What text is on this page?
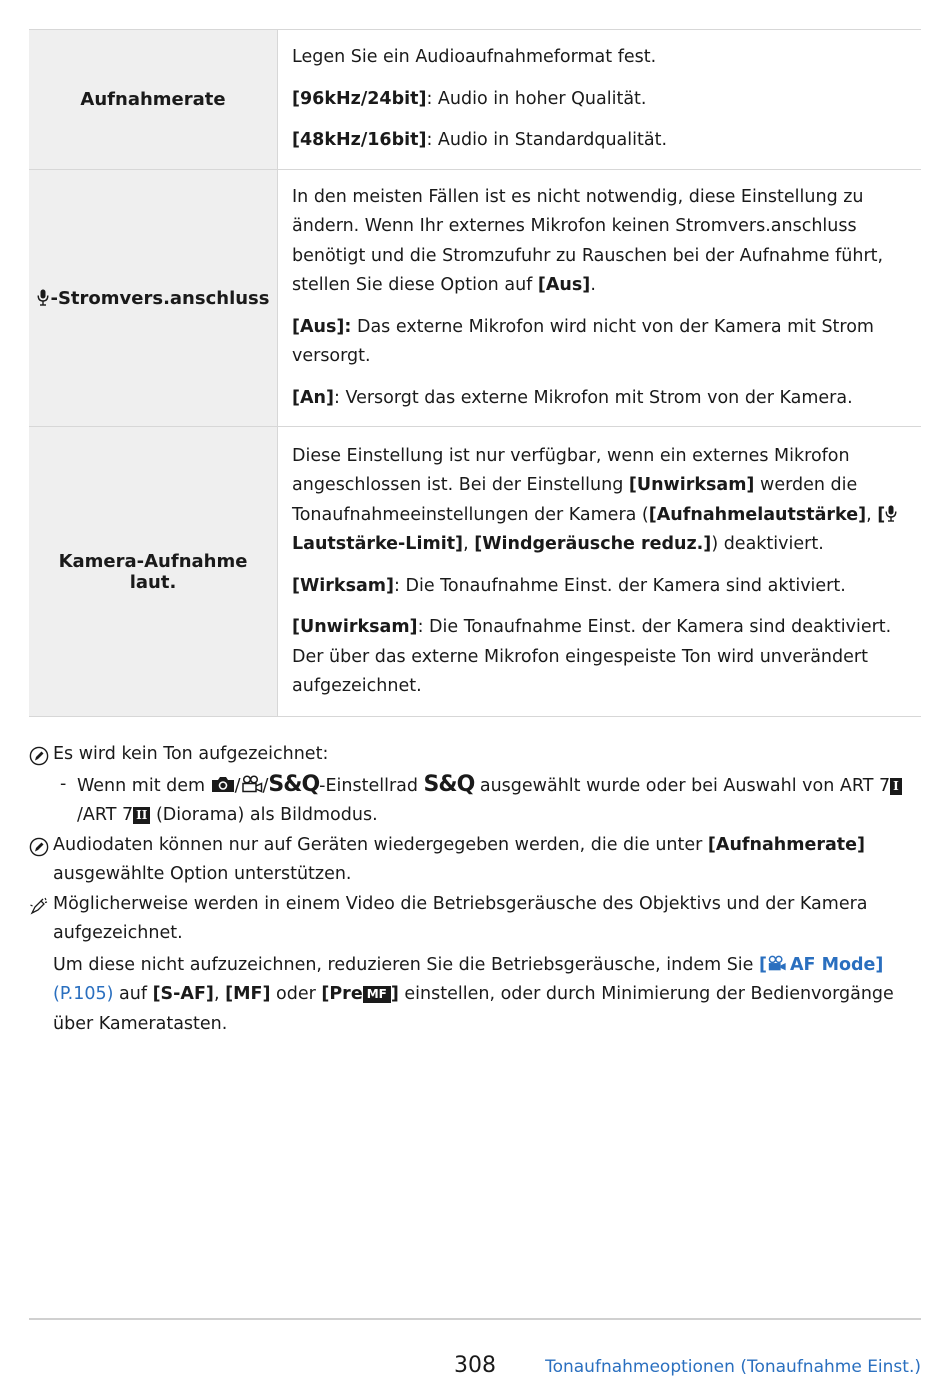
Aufnahmerate	Legen Sie ein Audioaufnahmeformat fest.

[96kHz/24bit]: Audio in hoher Qualität.

[48kHz/16bit]: Audio in Standardqualität.

-Stromvers.anschluss	In den meisten Fällen ist es nicht notwendig, diese Einstellung zu ändern. Wenn Ihr externes Mikrofon keinen Stromvers.anschluss benötigt und die Stromzufuhr zu Rauschen bei der Aufnahme führt, stellen Sie diese Option auf [Aus].

[Aus]: Das externe Mikrofon wird nicht von der Kamera mit Strom versorgt.

[An]: Versorgt das externe Mikrofon mit Strom von der Kamera.

Kamera-Aufnahme laut.	Diese Einstellung ist nur verfügbar, wenn ein externes Mikrofon angeschlossen ist. Bei der Einstellung [Unwirksam] werden die Tonaufnahmeeinstellungen der Kamera ([Aufnahmelautstärke], [Lautstärke-Limit], [Windgeräusche reduz.]) deaktiviert.

[Wirksam]: Die Tonaufnahme Einst. der Kamera sind aktiviert.

[Unwirksam]: Die Tonaufnahme Einst. der Kamera sind deaktiviert. Der über das externe Mikrofon eingespeiste Ton wird unverändert aufgezeichnet.

Es wird kein Ton aufgezeichnet:

- Wenn mit dem / /S&Q-Einstellrad S&Q ausgewählt wurde oder bei Auswahl von ART 7 I/ART 7 II (Diorama) als Bildmodus.

Audiodaten können nur auf Geräten wiedergegeben werden, die die unter [Aufnahmerate] ausgewählte Option unterstützen.

Möglicherweise werden in einem Video die Betriebsgeräusche des Objektivs und der Kamera aufgezeichnet.

Um diese nicht aufzuzeichnen, reduzieren Sie die Betriebsgeräusche, indem Sie [ AF Mode]
(P.105) auf [S-AF], [MF] oder [Pre MF ] einstellen, oder durch Minimierung der Bedienvorgänge über Kameratasten.

308	Tonaufnahmeoptionen (Tonaufnahme Einst.)
